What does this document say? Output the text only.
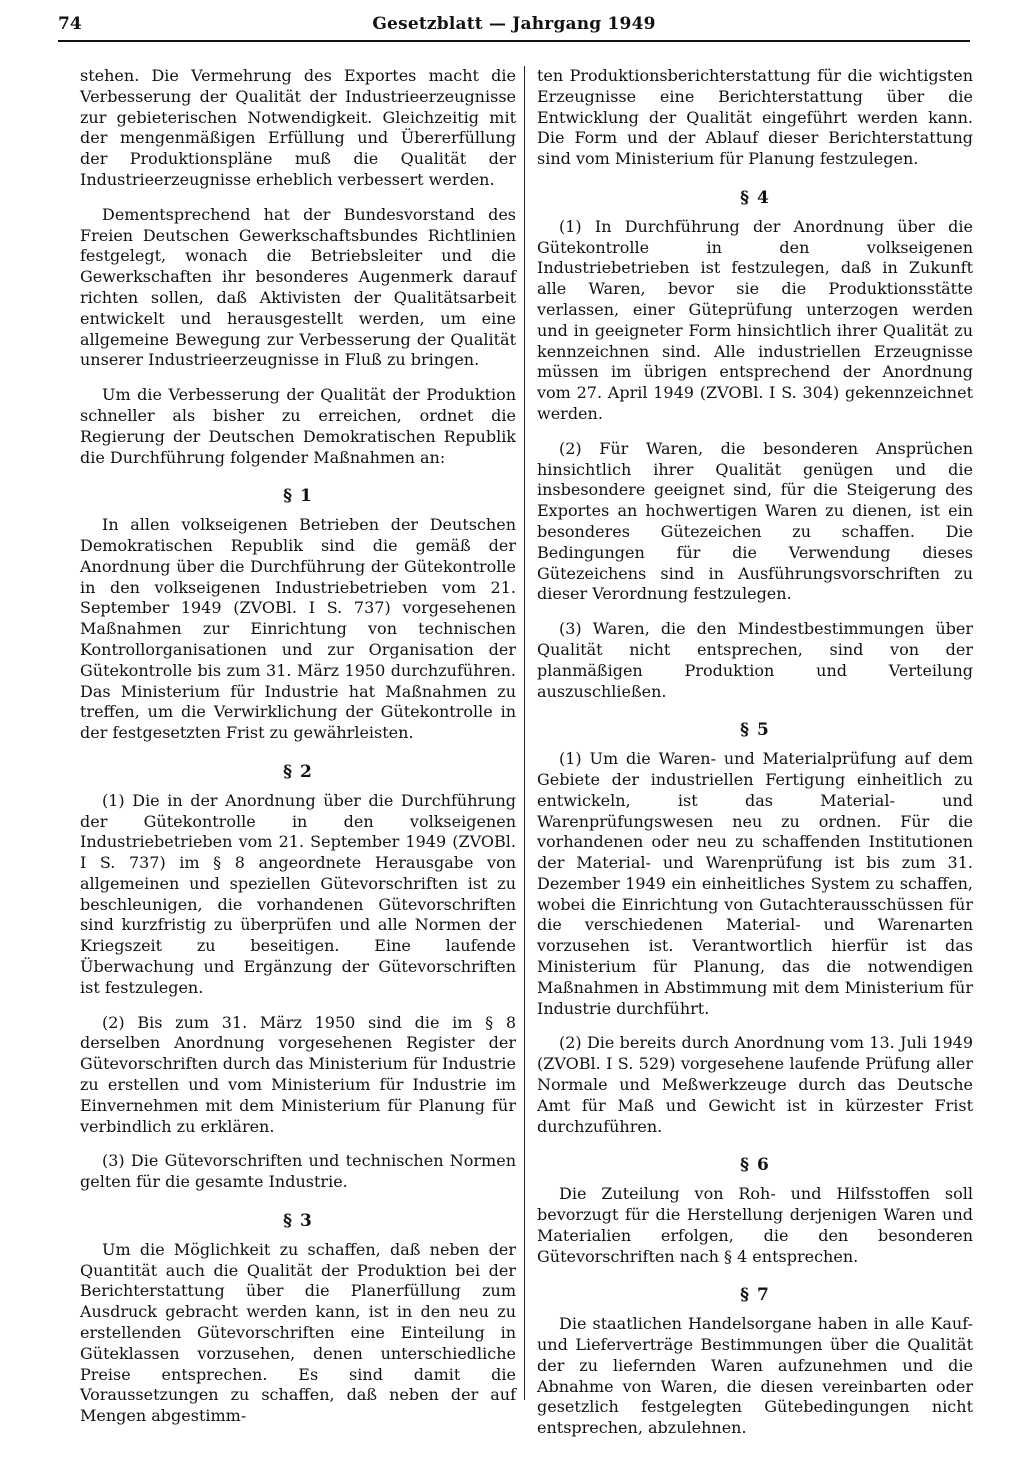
74	Gesetzblatt — Jahrgang 1949

stehen. Die Vermehrung des Exportes macht die Verbesserung der Qualität der Industrieerzeugnisse zur gebieterischen Notwendigkeit. Gleichzeitig mit der mengenmäßigen Erfüllung und Übererfüllung der Produktionspläne muß die Qualität der Industrieerzeugnisse erheblich verbessert werden.

Dementsprechend hat der Bundesvorstand des Freien Deutschen Gewerkschaftsbundes Richtlinien festgelegt, wonach die Betriebsleiter und die Gewerkschaften ihr besonderes Augenmerk darauf richten sollen, daß Aktivisten der Qualitätsarbeit entwickelt und herausgestellt werden, um eine allgemeine Bewegung zur Verbesserung der Qualität unserer Industrieerzeugnisse in Fluß zu bringen.

Um die Verbesserung der Qualität der Produktion schneller als bisher zu erreichen, ordnet die Regierung der Deutschen Demokratischen Republik die Durchführung folgender Maßnahmen an:

§ 1

In allen volkseigenen Betrieben der Deutschen Demokratischen Republik sind die gemäß der Anordnung über die Durchführung der Gütekontrolle in den volkseigenen Industriebetrieben vom 21. September 1949 (ZVOBl. I S. 737) vorgesehenen Maßnahmen zur Einrichtung von technischen Kontrollorganisationen und zur Organisation der Gütekontrolle bis zum 31. März 1950 durchzuführen. Das Ministerium für Industrie hat Maßnahmen zu treffen, um die Verwirklichung der Gütekontrolle in der festgesetzten Frist zu gewährleisten.

§ 2

(1) Die in der Anordnung über die Durchführung der Gütekontrolle in den volkseigenen Industriebetrieben vom 21. September 1949 (ZVOBl. I S. 737) im § 8 angeordnete Herausgabe von allgemeinen und speziellen Gütevorschriften ist zu beschleunigen, die vorhandenen Gütevorschriften sind kurzfristig zu überprüfen und alle Normen der Kriegszeit zu beseitigen. Eine laufende Überwachung und Ergänzung der Gütevorschriften ist festzulegen.

(2) Bis zum 31. März 1950 sind die im § 8 derselben Anordnung vorgesehenen Register der Gütevorschriften durch das Ministerium für Industrie zu erstellen und vom Ministerium für Industrie im Einvernehmen mit dem Ministerium für Planung für verbindlich zu erklären.

(3) Die Gütevorschriften und technischen Normen gelten für die gesamte Industrie.

§ 3

Um die Möglichkeit zu schaffen, daß neben der Quantität auch die Qualität der Produktion bei der Berichterstattung über die Planerfüllung zum Ausdruck gebracht werden kann, ist in den neu zu erstellenden Gütevorschriften eine Einteilung in Güteklassen vorzusehen, denen unterschiedliche Preise entsprechen. Es sind damit die Voraussetzungen zu schaffen, daß neben der auf Mengen abgestimm-

ten Produktionsberichterstattung für die wichtigsten Erzeugnisse eine Berichterstattung über die Entwicklung der Qualität eingeführt werden kann. Die Form und der Ablauf dieser Berichterstattung sind vom Ministerium für Planung festzulegen.

§ 4

(1) In Durchführung der Anordnung über die Gütekontrolle in den volkseigenen Industriebetrieben ist festzulegen, daß in Zukunft alle Waren, bevor sie die Produktionsstätte verlassen, einer Güteprüfung unterzogen werden und in geeigneter Form hinsichtlich ihrer Qualität zu kennzeichnen sind. Alle industriellen Erzeugnisse müssen im übrigen entsprechend der Anordnung vom 27. April 1949 (ZVOBl. I S. 304) gekennzeichnet werden.

(2) Für Waren, die besonderen Ansprüchen hinsichtlich ihrer Qualität genügen und die insbesondere geeignet sind, für die Steigerung des Exportes an hochwertigen Waren zu dienen, ist ein besonderes Gütezeichen zu schaffen. Die Bedingungen für die Verwendung dieses Gütezeichens sind in Ausführungsvorschriften zu dieser Verordnung festzulegen.

(3) Waren, die den Mindestbestimmungen über Qualität nicht entsprechen, sind von der planmäßigen Produktion und Verteilung auszuschließen.

§ 5

(1) Um die Waren- und Materialprüfung auf dem Gebiete der industriellen Fertigung einheitlich zu entwickeln, ist das Material- und Warenprüfungswesen neu zu ordnen. Für die vorhandenen oder neu zu schaffenden Institutionen der Material- und Warenprüfung ist bis zum 31. Dezember 1949 ein einheitliches System zu schaffen, wobei die Einrichtung von Gutachterausschüssen für die verschiedenen Material- und Warenarten vorzusehen ist. Verantwortlich hierfür ist das Ministerium für Planung, das die notwendigen Maßnahmen in Abstimmung mit dem Ministerium für Industrie durchführt.

(2) Die bereits durch Anordnung vom 13. Juli 1949 (ZVOBl. I S. 529) vorgesehene laufende Prüfung aller Normale und Meßwerkzeuge durch das Deutsche Amt für Maß und Gewicht ist in kürzester Frist durchzuführen.

§ 6

Die Zuteilung von Roh- und Hilfsstoffen soll bevorzugt für die Herstellung derjenigen Waren und Materialien erfolgen, die den besonderen Gütevorschriften nach § 4 entsprechen.

§ 7

Die staatlichen Handelsorgane haben in alle Kauf- und Lieferverträge Bestimmungen über die Qualität der zu liefernden Waren aufzunehmen und die Abnahme von Waren, die diesen vereinbarten oder gesetzlich festgelegten Gütebedingungen nicht entsprechen, abzulehnen.
